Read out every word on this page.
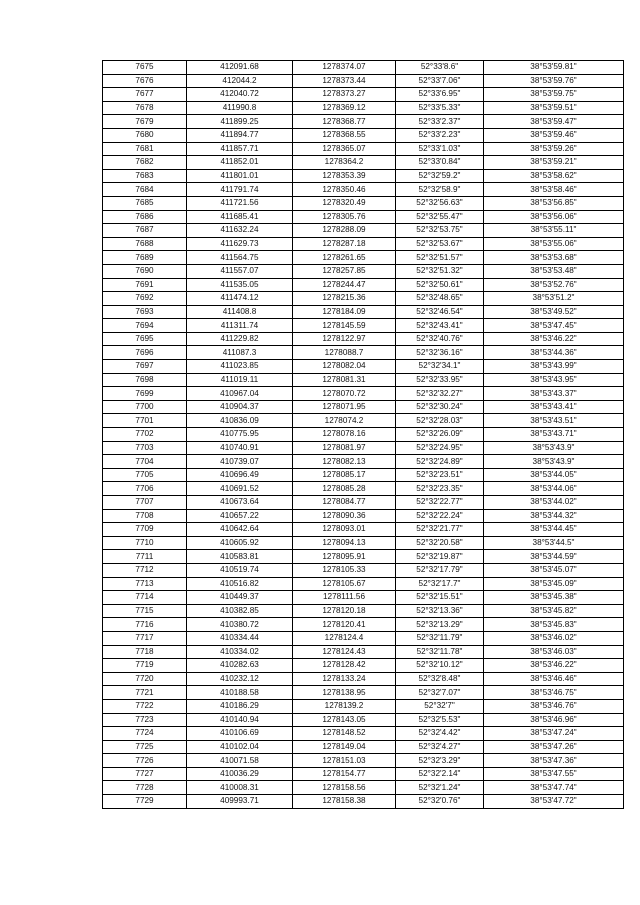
7675	412091.68	1278374.07	52°33'8.6"	38°53'59.81"
7676	412044.2	1278373.44	52°33'7.06"	38°53'59.76"
7677	412040.72	1278373.27	52°33'6.95"	38°53'59.75"
7678	411990.8	1278369.12	52°33'5.33"	38°53'59.51"
7679	411899.25	1278368.77	52°33'2.37"	38°53'59.47"
7680	411894.77	1278368.55	52°33'2.23"	38°53'59.46"
7681	411857.71	1278365.07	52°33'1.03"	38°53'59.26"
7682	411852.01	1278364.2	52°33'0.84"	38°53'59.21"
7683	411801.01	1278353.39	52°32'59.2"	38°53'58.62"
7684	411791.74	1278350.46	52°32'58.9"	38°53'58.46"
7685	411721.56	1278320.49	52°32'56.63"	38°53'56.85"
7686	411685.41	1278305.76	52°32'55.47"	38°53'56.06"
7687	411632.24	1278288.09	52°32'53.75"	38°53'55.11"
7688	411629.73	1278287.18	52°32'53.67"	38°53'55.06"
7689	411564.75	1278261.65	52°32'51.57"	38°53'53.68"
7690	411557.07	1278257.85	52°32'51.32"	38°53'53.48"
7691	411535.05	1278244.47	52°32'50.61"	38°53'52.76"
7692	411474.12	1278215.36	52°32'48.65"	38°53'51.2"
7693	411408.8	1278184.09	52°32'46.54"	38°53'49.52"
7694	411311.74	1278145.59	52°32'43.41"	38°53'47.45"
7695	411229.82	1278122.97	52°32'40.76"	38°53'46.22"
7696	411087.3	1278088.7	52°32'36.16"	38°53'44.36"
7697	411023.85	1278082.04	52°32'34.1"	38°53'43.99"
7698	411019.11	1278081.31	52°32'33.95"	38°53'43.95"
7699	410967.04	1278070.72	52°32'32.27"	38°53'43.37"
7700	410904.37	1278071.95	52°32'30.24"	38°53'43.41"
7701	410836.09	1278074.2	52°32'28.03"	38°53'43.51"
7702	410775.95	1278078.16	52°32'26.09"	38°53'43.71"
7703	410740.91	1278081.97	52°32'24.95"	38°53'43.9"
7704	410739.07	1278082.13	52°32'24.89"	38°53'43.9"
7705	410696.49	1278085.17	52°32'23.51"	38°53'44.05"
7706	410691.52	1278085.28	52°32'23.35"	38°53'44.06"
7707	410673.64	1278084.77	52°32'22.77"	38°53'44.02"
7708	410657.22	1278090.36	52°32'22.24"	38°53'44.32"
7709	410642.64	1278093.01	52°32'21.77"	38°53'44.45"
7710	410605.92	1278094.13	52°32'20.58"	38°53'44.5"
7711	410583.81	1278095.91	52°32'19.87"	38°53'44.59"
7712	410519.74	1278105.33	52°32'17.79"	38°53'45.07"
7713	410516.82	1278105.67	52°32'17.7"	38°53'45.09"
7714	410449.37	1278111.56	52°32'15.51"	38°53'45.38"
7715	410382.85	1278120.18	52°32'13.36"	38°53'45.82"
7716	410380.72	1278120.41	52°32'13.29"	38°53'45.83"
7717	410334.44	1278124.4	52°32'11.79"	38°53'46.02"
7718	410334.02	1278124.43	52°32'11.78"	38°53'46.03"
7719	410282.63	1278128.42	52°32'10.12"	38°53'46.22"
7720	410232.12	1278133.24	52°32'8.48"	38°53'46.46"
7721	410188.58	1278138.95	52°32'7.07"	38°53'46.75"
7722	410186.29	1278139.2	52°32'7"	38°53'46.76"
7723	410140.94	1278143.05	52°32'5.53"	38°53'46.96"
7724	410106.69	1278148.52	52°32'4.42"	38°53'47.24"
7725	410102.04	1278149.04	52°32'4.27"	38°53'47.26"
7726	410071.58	1278151.03	52°32'3.29"	38°53'47.36"
7727	410036.29	1278154.77	52°32'2.14"	38°53'47.55"
7728	410008.31	1278158.56	52°32'1.24"	38°53'47.74"
7729	409993.71	1278158.38	52°32'0.76"	38°53'47.72"
